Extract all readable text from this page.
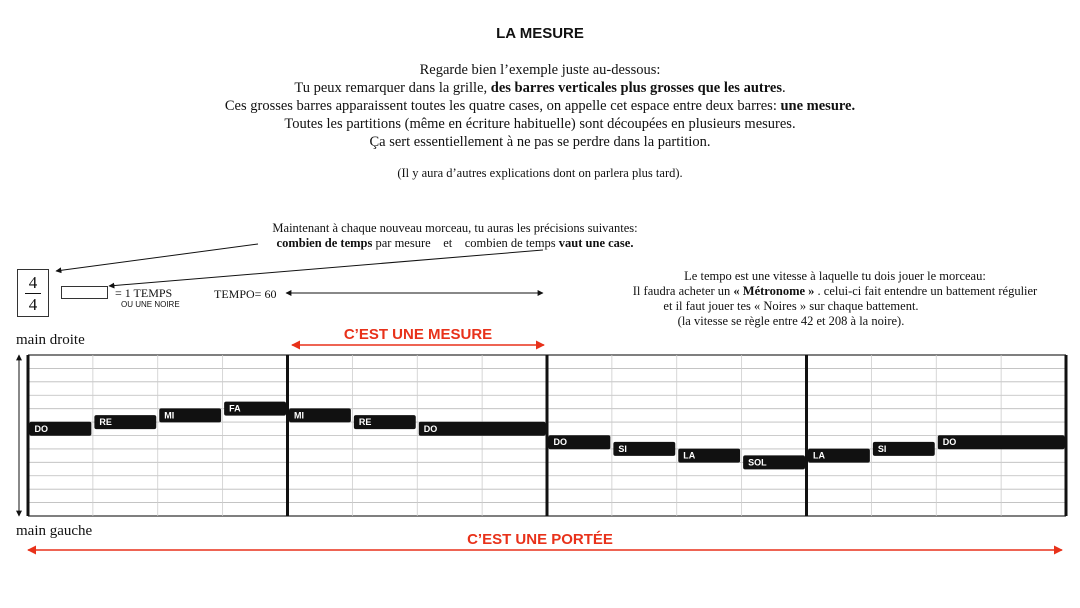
LA MESURE
Regarde bien l’exemple juste au-dessous:
Tu peux remarquer dans la grille, des barres verticales plus grosses que les autres.
Ces grosses barres apparaissent toutes les quatre cases, on appelle cet espace entre deux barres: une mesure.
Toutes les partitions (même en écriture habituelle) sont découpées en plusieurs mesures.
Ça sert essentiellement à ne pas se perdre dans la partition.
(Il y aura d’autres explications dont on parlera plus tard).
Maintenant à chaque nouveau morceau, tu auras les précisions suivantes:
combien de temps par mesure    et combien de temps vaut une case.
4
4
= 1 TEMPS
OU UNE NOIRE
TEMPO= 60
Le tempo est une vitesse à laquelle tu dois jouer le morceau:
Il faudra acheter un « Métronome » . celui-ci fait entendre un battement régulier
et il faut jouer tes « Noires » sur chaque battement.
(la vitesse se règle entre 42 et 208 à la noire).
main droite
main gauche
C’EST UNE MESURE
C’EST UNE PORTÉE
DO
RE
MI
FA
MI
RE
DO
DO
SI
LA
SOL
LA
SI
DO
